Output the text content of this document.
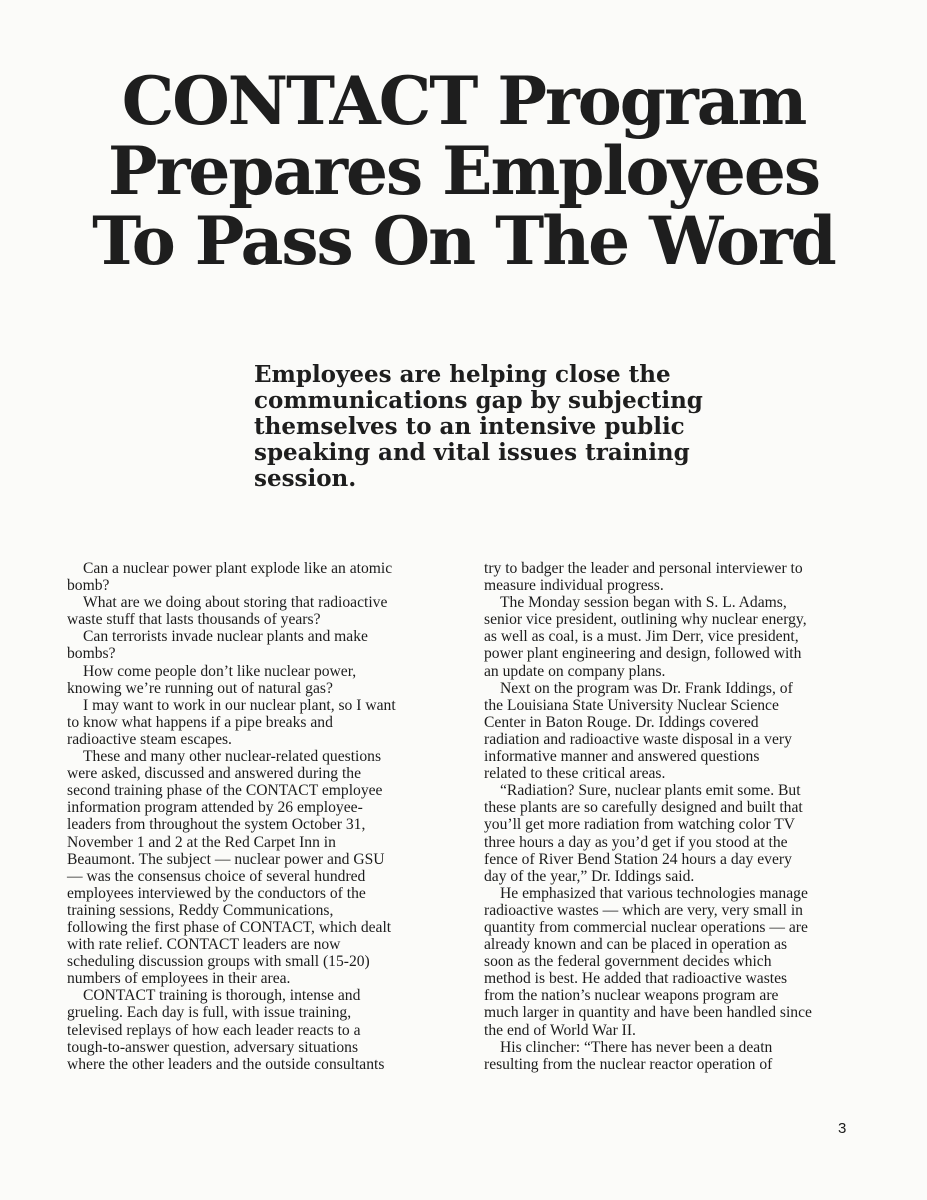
CONTACT Program
Prepares Employees
To Pass On The Word

Employees are helping close the
communications gap by subjecting
themselves to an intensive public
speaking and vital issues training
session.

Can a nuclear power plant explode like an atomic
bomb?
What are we doing about storing that radioactive
waste stuff that lasts thousands of years?
Can terrorists invade nuclear plants and make
bombs?
How come people don’t like nuclear power,
knowing we’re running out of natural gas?
I may want to work in our nuclear plant, so I want
to know what happens if a pipe breaks and
radioactive steam escapes.
These and many other nuclear-related questions
were asked, discussed and answered during the
second training phase of the CONTACT employee
information program attended by 26 employee-
leaders from throughout the system October 31,
November 1 and 2 at the Red Carpet Inn in
Beaumont. The subject — nuclear power and GSU
— was the consensus choice of several hundred
employees interviewed by the conductors of the
training sessions, Reddy Communications,
following the first phase of CONTACT, which dealt
with rate relief. CONTACT leaders are now
scheduling discussion groups with small (15-20)
numbers of employees in their area.
CONTACT training is thorough, intense and
grueling. Each day is full, with issue training,
televised replays of how each leader reacts to a
tough-to-answer question, adversary situations
where the other leaders and the outside consultants
try to badger the leader and personal interviewer to
measure individual progress.
The Monday session began with S. L. Adams,
senior vice president, outlining why nuclear energy,
as well as coal, is a must. Jim Derr, vice president,
power plant engineering and design, followed with
an update on company plans.
Next on the program was Dr. Frank Iddings, of
the Louisiana State University Nuclear Science
Center in Baton Rouge. Dr. Iddings covered
radiation and radioactive waste disposal in a very
informative manner and answered questions
related to these critical areas.
“Radiation? Sure, nuclear plants emit some. But
these plants are so carefully designed and built that
you’ll get more radiation from watching color TV
three hours a day as you’d get if you stood at the
fence of River Bend Station 24 hours a day every
day of the year,” Dr. Iddings said.
He emphasized that various technologies manage
radioactive wastes — which are very, very small in
quantity from commercial nuclear operations — are
already known and can be placed in operation as
soon as the federal government decides which
method is best. He added that radioactive wastes
from the nation’s nuclear weapons program are
much larger in quantity and have been handled since
the end of World War II.
His clincher: “There has never been a deatn
resulting from the nuclear reactor operation of
3
